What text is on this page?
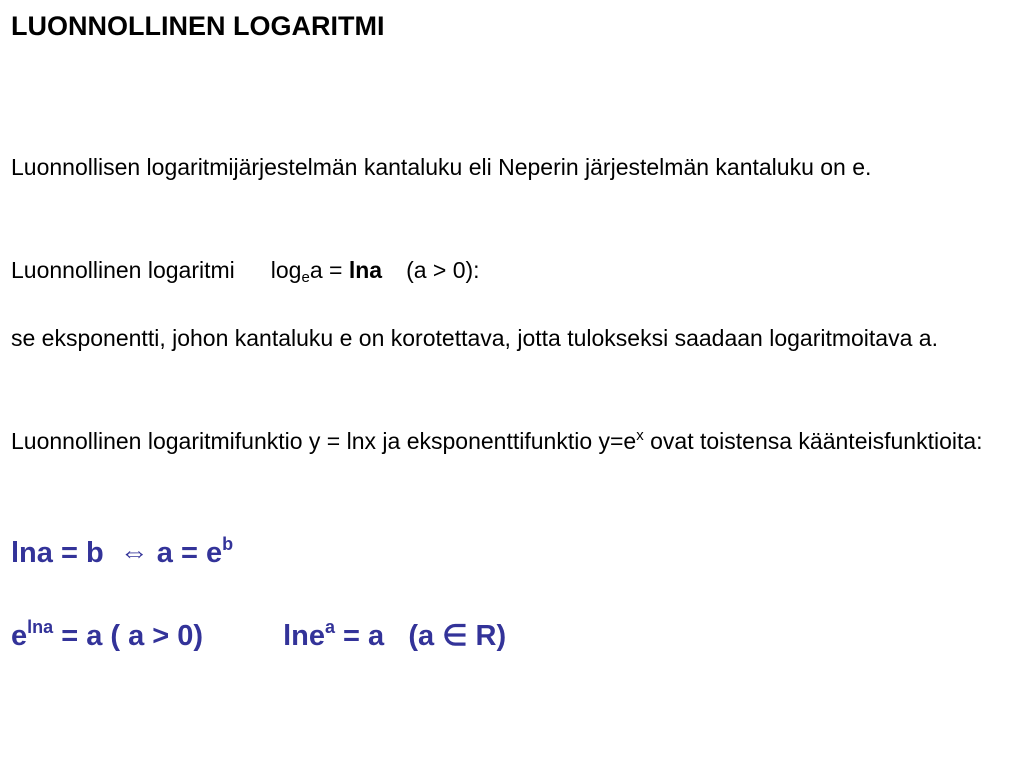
LUONNOLLINEN LOGARITMI
Luonnollisen logaritmijärjestelmän kantaluku eli Neperin järjestelmän kantaluku on e.
Luonnollinen logaritmi $\log_ea = \ln a$ (a > 0):
se eksponentti, johon kantaluku e on korotettava, jotta tulokseksi saadaan logaritmoitava a.
Luonnollinen logaritmifunktio y = lnx ja eksponenttifunktio $y=e^x$ ovat toistensa käänteisfunktioita:
lna = b ⇔ $a = e^b$
$e^{lna} = a$ ( a > 0)	lne$^a$ = a   (a ∈ R)
